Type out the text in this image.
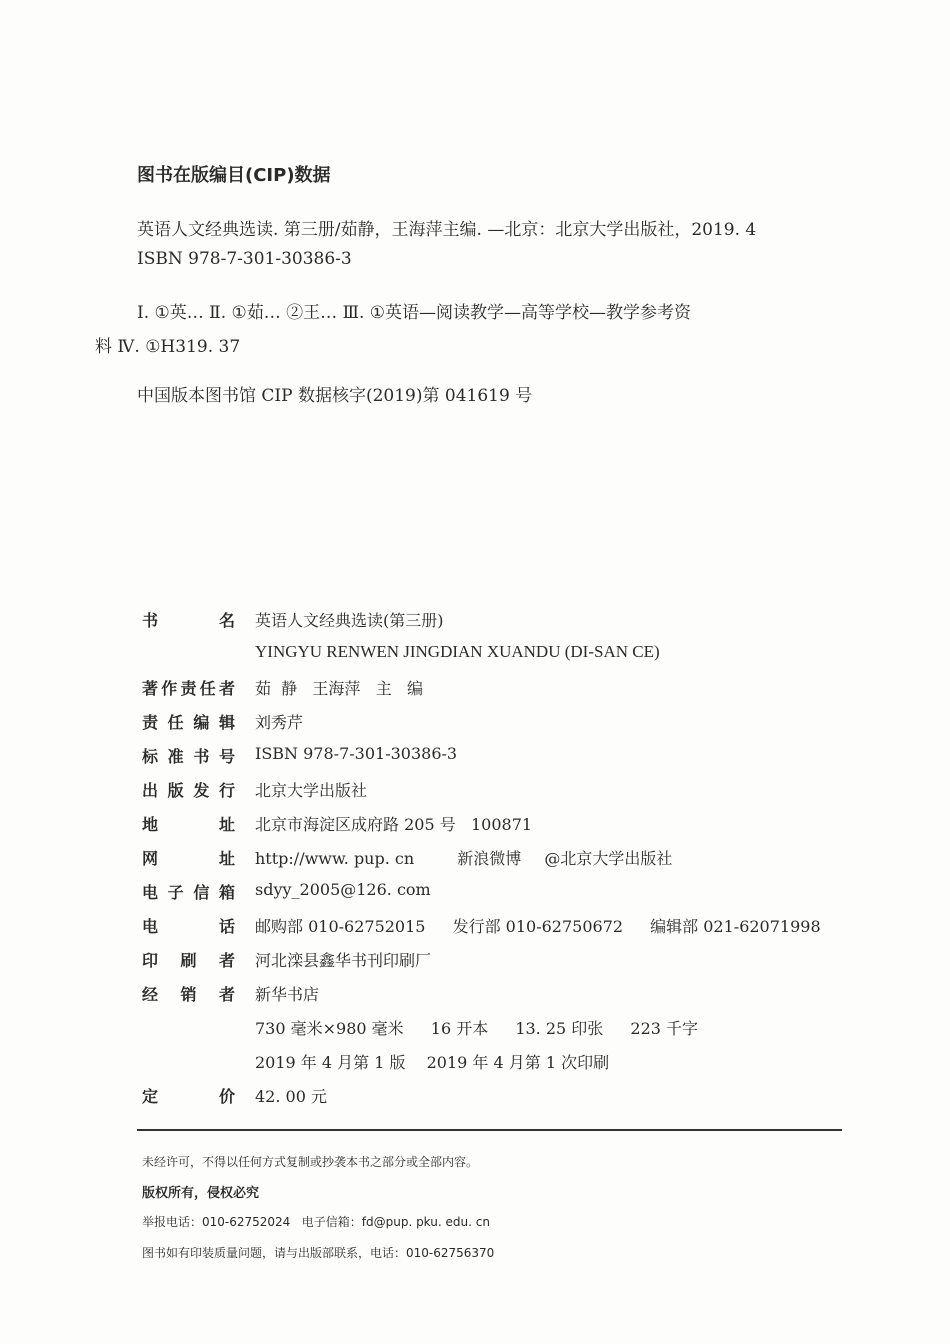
图书在版编目(CIP)数据
英语人文经典选读. 第三册/茹静，王海萍主编. —北京：北京大学出版社，2019. 4
ISBN 978-7-301-30386-3
Ⅰ. ①英… Ⅱ. ①茹… ②王… Ⅲ. ①英语—阅读教学—高等学校—教学参考资
料 Ⅳ. ①H319. 37
中国版本图书馆 CIP 数据核字(2019)第 041619 号
书	名 英语人文经典选读(第三册)
YINGYU RENWEN JINGDIAN XUANDU (DI-SAN CE)
著 作 责 任 者 茹  静   王海萍   主   编
责 任 编 辑 刘秀芹
标 准 书 号 ISBN 978-7-301-30386-3
出 版 发 行 北京大学出版社
地	址 北京市海淀区成府路 205 号   100871
网	址 http://www. pup. cn	新浪微博 @北京大学出版社
电 子 信 箱 sdyy_2005@126. com
电	话 邮购部 010-62752015 发行部 010-62750672 编辑部 021-62071998
印 刷 者 河北滦县鑫华书刊印刷厂
经 销 者 新华书店
730 毫米×980 毫米 16 开本 13. 25 印张 223 千字
2019 年 4 月第 1 版 2019 年 4 月第 1 次印刷
定	价 42. 00 元
未经许可，不得以任何方式复制或抄袭本书之部分或全部内容。
版权所有，侵权必究
举报电话：010-62752024   电子信箱：fd@pup. pku. edu. cn
图书如有印装质量问题，请与出版部联系，电话：010-62756370
